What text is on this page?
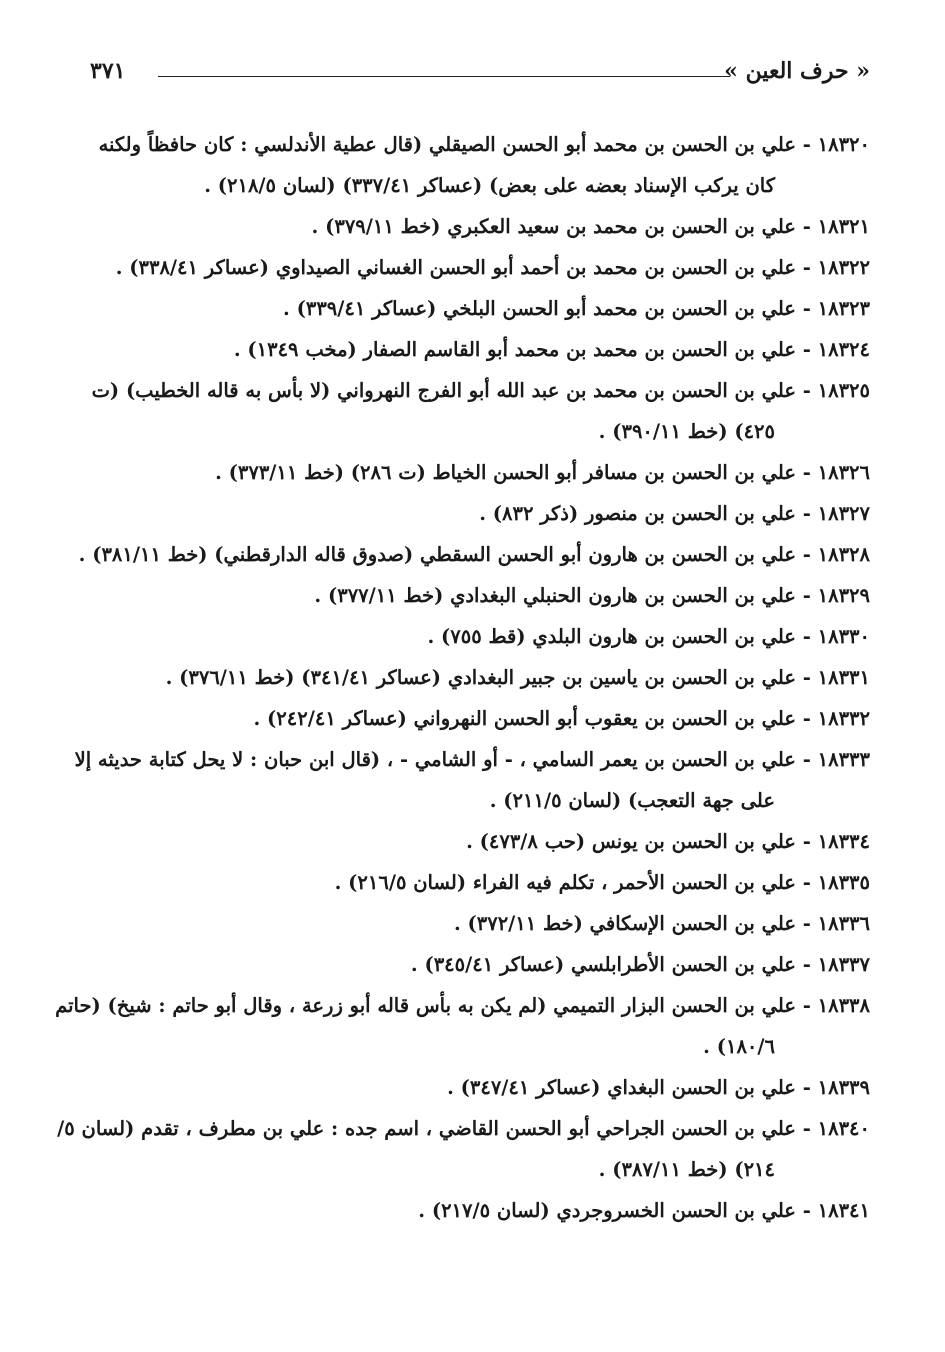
« حرف العين »
٣٧١
١٨٣٢٠ - علي بن الحسن بن محمد أبو الحسن الصيقلي (قال عطية الأندلسي : كان حافظاً ولكنه
كان يركب الإسناد بعضه على بعض) (عساكر ٣٣٧/٤١) (لسان ٢١٨/٥) .
١٨٣٢١ - علي بن الحسن بن محمد بن سعيد العكبري (خط ٣٧٩/١١) .
١٨٣٢٢ - علي بن الحسن بن محمد بن أحمد أبو الحسن الغساني الصيداوي (عساكر ٣٣٨/٤١) .
١٨٣٢٣ - علي بن الحسن بن محمد أبو الحسن البلخي (عساكر ٣٣٩/٤١) .
١٨٣٢٤ - علي بن الحسن بن محمد بن محمد أبو القاسم الصفار (مخب ١٣٤٩) .
١٨٣٢٥ - علي بن الحسن بن محمد بن عبد الله أبو الفرج النهرواني (لا بأس به قاله الخطيب) (ت
٤٢٥) (خط ٣٩٠/١١) .
١٨٣٢٦ - علي بن الحسن بن مسافر أبو الحسن الخياط (ت ٢٨٦) (خط ٣٧٣/١١) .
١٨٣٢٧ - علي بن الحسن بن منصور (ذكر ٨٣٢) .
١٨٣٢٨ - علي بن الحسن بن هارون أبو الحسن السقطي (صدوق قاله الدارقطني) (خط ٣٨١/١١) .
١٨٣٢٩ - علي بن الحسن بن هارون الحنبلي البغدادي (خط ٣٧٧/١١) .
١٨٣٣٠ - علي بن الحسن بن هارون البلدي (قط ٧٥٥) .
١٨٣٣١ - علي بن الحسن بن ياسين بن جبير البغدادي (عساكر ٣٤١/٤١) (خط ٣٧٦/١١) .
١٨٣٣٢ - علي بن الحسن بن يعقوب أبو الحسن النهرواني (عساكر ٢٤٢/٤١) .
١٨٣٣٣ - علي بن الحسن بن يعمر السامي ، - أو الشامي - ، (قال ابن حبان : لا يحل كتابة حديثه إلا
على جهة التعجب) (لسان ٢١١/٥) .
١٨٣٣٤ - علي بن الحسن بن يونس (حب ٤٧٣/٨) .
١٨٣٣٥ - علي بن الحسن الأحمر ، تكلم فيه الفراء (لسان ٢١٦/٥) .
١٨٣٣٦ - علي بن الحسن الإسكافي (خط ٣٧٢/١١) .
١٨٣٣٧ - علي بن الحسن الأطرابلسي (عساكر ٣٤٥/٤١) .
١٨٣٣٨ - علي بن الحسن البزار التميمي (لم يكن به بأس قاله أبو زرعة ، وقال أبو حاتم : شيخ) (حاتم
١٨٠/٦) .
١٨٣٣٩ - علي بن الحسن البغداي (عساكر ٣٤٧/٤١) .
١٨٣٤٠ - علي بن الحسن الجراحي أبو الحسن القاضي ، اسم جده : علي بن مطرف ، تقدم (لسان ٥/
٢١٤) (خط ٣٨٧/١١) .
١٨٣٤١ - علي بن الحسن الخسروجردي (لسان ٢١٧/٥) .
